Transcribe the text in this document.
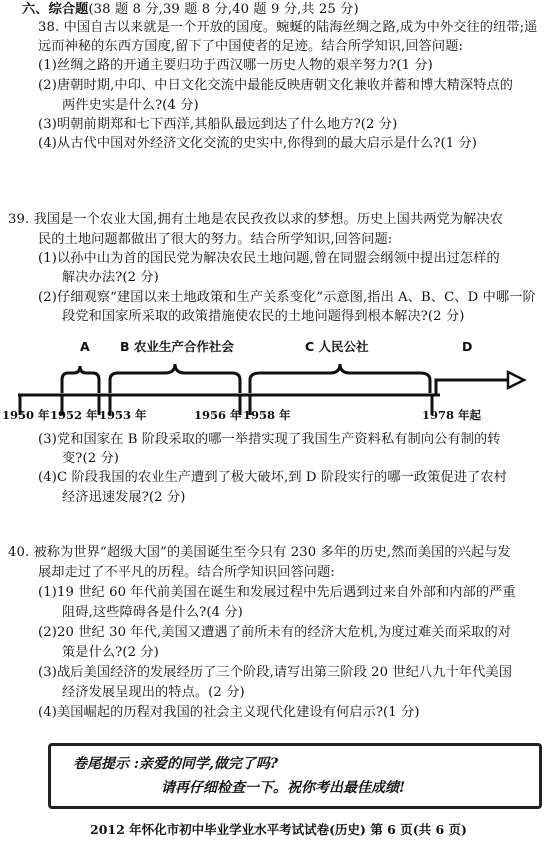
六、综合题(38 题 8 分,39 题 8 分,40 题 9 分,共 25 分)
38. 中国自古以来就是一个开放的国度。蜿蜒的陆海丝绸之路,成为中外交往的纽带;遥
远而神秘的东西方国度,留下了中国使者的足迹。结合所学知识,回答问题:
(1)丝绸之路的开通主要归功于西汉哪一历史人物的艰辛努力?(1 分)
(2)唐朝时期,中印、中日文化交流中最能反映唐朝文化兼收并蓄和博大精深特点的
两件史实是什么?(4 分)
(3)明朝前期郑和七下西洋,其船队最远到达了什么地方?(2 分)
(4)从古代中国对外经济文化交流的史实中,你得到的最大启示是什么?(1 分)
39. 我国是一个农业大国,拥有土地是农民孜孜以求的梦想。历史上国共两党为解决农
民的土地问题都做出了很大的努力。结合所学知识,回答问题:
(1)以孙中山为首的国民党为解决农民土地问题,曾在同盟会纲领中提出过怎样的
解决办法?(2 分)
(2)仔细观察“建国以来土地政策和生产关系变化”示意图,指出 A、B、C、D 中哪一阶
段党和国家所采取的政策措施使农民的土地问题得到根本解决?(2 分)
A B 农业生产合作社会	C 人民公社	D
1950 年 1952 年 1953 年	1956 年 1958 年	1978 年起
(3)党和国家在 B 阶段采取的哪一举措实现了我国生产资料私有制向公有制的转
变?(2 分)
(4)C 阶段我国的农业生产遭到了极大破坏,到 D 阶段实行的哪一政策促进了农村
经济迅速发展?(2 分)
40. 被称为世界“超级大国”的美国诞生至今只有 230 多年的历史,然而美国的兴起与发
展却走过了不平凡的历程。结合所学知识回答问题:
(1)19 世纪 60 年代前美国在诞生和发展过程中先后遇到过来自外部和内部的严重
阻碍,这些障碍各是什么?(4 分)
(2)20 世纪 30 年代,美国又遭遇了前所未有的经济大危机,为度过难关而采取的对
策是什么?(2 分)
(3)战后美国经济的发展经历了三个阶段,请写出第三阶段 20 世纪八九十年代美国
经济发展呈现出的特点。(2 分)
(4)美国崛起的历程对我国的社会主义现代化建设有何启示?(1 分)
卷尾提示 :亲爱的同学,做完了吗?
请再仔细检查一下。祝你考出最佳成绩!
2012 年怀化市初中毕业学业水平考试试卷(历史) 第 6 页(共 6 页)
